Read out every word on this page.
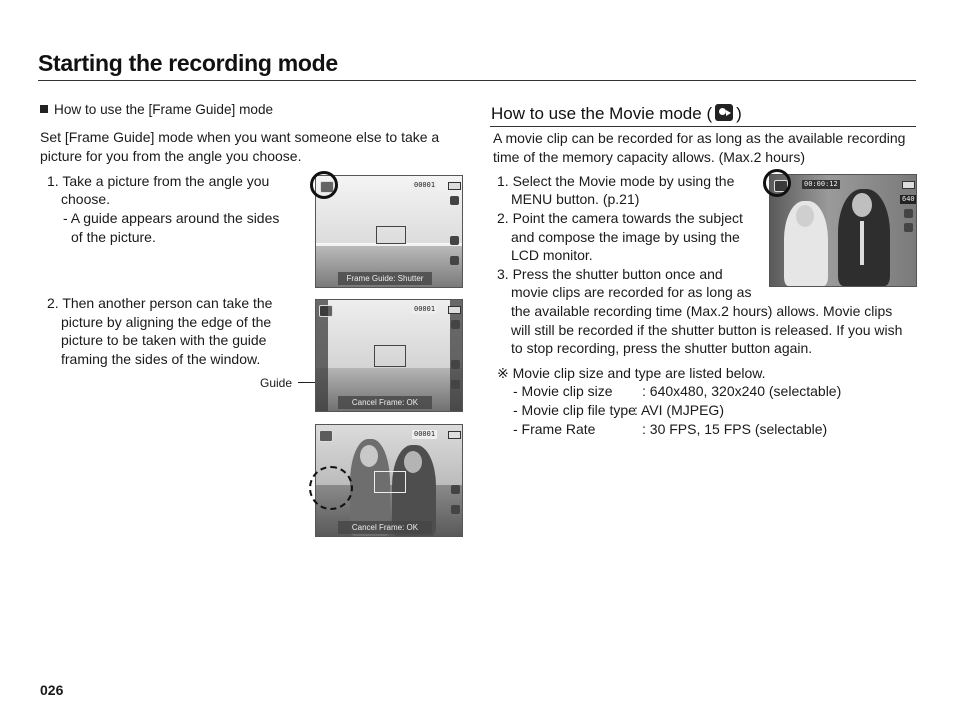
Starting the recording mode
How to use the [Frame Guide] mode
Set [Frame Guide] mode when you want someone else to take a
picture for you from the angle you choose.
1. Take a picture from the angle you
choose.
- A guide appears around the sides
of the picture.
2. Then another person can take the
picture by aligning the edge of the
picture to be taken with the guide
framing the sides of the window.
Guide
00001
Frame Guide: Shutter
00001
Cancel Frame: OK
00001
Cancel Frame: OK
How to use the Movie mode ( )
A movie clip can be recorded for as long as the available recording
time of the memory capacity allows. (Max.2 hours)
1. Select the Movie mode by using the
MENU button. (p.21)
2. Point the camera towards the subject
and compose the image by using the
LCD monitor.
3. Press the shutter button once and
movie clips are recorded for as long as
the available recording time (Max.2 hours) allows. Movie clips
will still be recorded if the shutter button is released. If you wish
to stop recording, press the shutter button again.
※ Movie clip size and type are listed below.
- Movie clip size : 640x480, 320x240 (selectable)
- Movie clip file type
: AVI (MJPEG)
- Frame Rate	: 30 FPS, 15 FPS (selectable)
00:00:12
640
026
